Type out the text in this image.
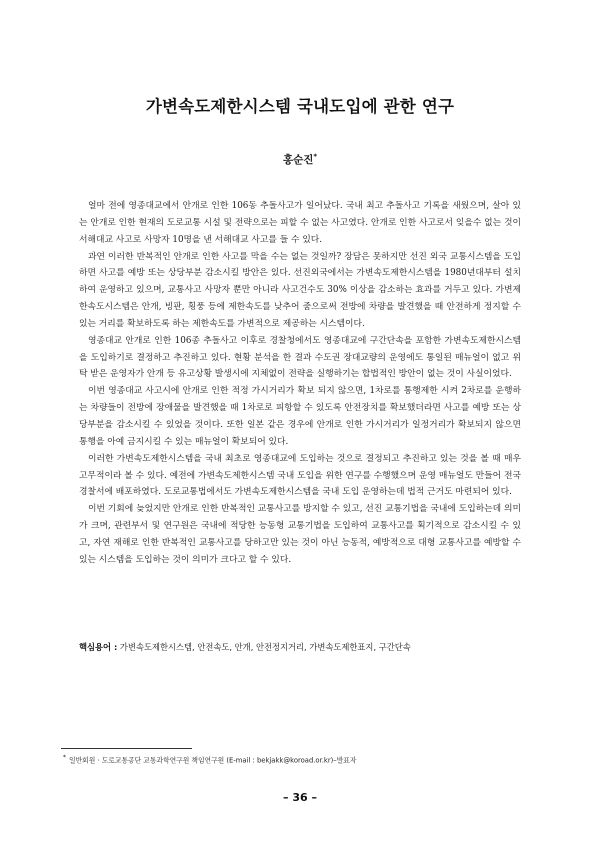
가변속도제한시스템 국내도입에 관한 연구
홍순진*

얼마 전에 영종대교에서 안개로 인한 106동 추돌사고가 일어났다. 국내 최고 추돌사고 기록을 새웠으며, 살아 있는 안개로 인한 현재의 도로교통 시설 및 전략으로는 피할 수 없는 사고였다. 안개로 인한 사고로서 잊을수 없는 것이 서해대교 사고로 사망자 10명을 낸 서해대교 사고를 들 수 있다.

과연 이러한 반복적인 안개로 인한 사고를 막을 수는 없는 것일까? 장담은 못하지만 선진 외국 교통시스템을 도입하면 사고를 예방 또는 상당부분 감소시킬 방안은 있다. 선진외국에서는 가변속도제한시스템을 1980년대부터 설치하여 운영하고 있으며, 교통사고 사망자 뿐만 아니라 사고건수도 30% 이상을 감소하는 효과를 거두고 있다. 가변제한속도시스템은 안개, 빙판, 횡풍 등에 제한속도를 낮추어 줌으로써 전방에 차량을 발견했을 때 안전하게 정지할 수 있는 거리를 확보하도록 하는 제한속도를 가변적으로 제공하는 시스템이다.

영종대교 안개로 인한 106종 추돌사고 이후로 경찰청에서도 영종대교에 구간단속을 포함한 가변속도제한시스템을 도입하기로 결정하고 추진하고 있다. 현황 분석을 한 결과 수도권 장대교량의 운영에도 통일된 매뉴얼이 없고 위탁 받은 운영자가 안개 등 유고상황 발생시에 지체없이 전략을 실행하기는 합법적인 방안이 없는 것이 사실이었다.

이번 영종대교 사고시에 안개로 인한 적정 가시거리가 확보 되지 않으면, 1차로를 통행제한 시켜 2차로를 운행하는 차량들이 전방에 장애물을 발견했을 때 1차로로 피항할 수 있도록 안전장치를 확보했더라면 사고를 예방 또는 상당부분을 감소시킬 수 있었을 것이다. 또한 일본 같은 경우에 안개로 인한 가시거리가 일정거리가 확보되지 않으면 통행을 아예 금지시킬 수 있는 매뉴얼이 확보되어 있다.

이러한 가변속도제한시스템을 국내 최초로 영종대교에 도입하는 것으로 결정되고 추진하고 있는 것을 볼 때 매우 고무적이라 볼 수 있다. 예전에 가변속도제한시스템 국내 도입을 위한 연구를 수행했으며 운영 매뉴얼도 만들어 전국 경찰서에 배포하였다. 도로교통법에서도 가변속도제한시스템을 국내 도입 운영하는데 법적 근거도 마련되어 있다.

이번 기회에 늦었지만 안개로 인한 반복적인 교통사고를 방지할 수 있고, 선진 교통기법을 국내에 도입하는데 의미가 크며, 관련부서 및 연구원은 국내에 적당한 능동형 교통기법을 도입하여 교통사고를 획기적으로 감소시킬 수 있고, 자연 재해로 인한 반복적인 교통사고를 당하고만 있는 것이 아닌 능동적, 예방적으로 대형 교통사고를 예방할 수 있는 시스템을 도입하는 것이 의미가 크다고 할 수 있다.

핵심용어 : 가변속도제한시스템, 안전속도, 안개, 안전정지거리, 가변속도제한표지, 구간단속
* 일반회원 · 도로교통공단 교통과학연구원 책임연구원 (E-mail : bekjakk@koroad.or.kr)–발표자
– 36 –
